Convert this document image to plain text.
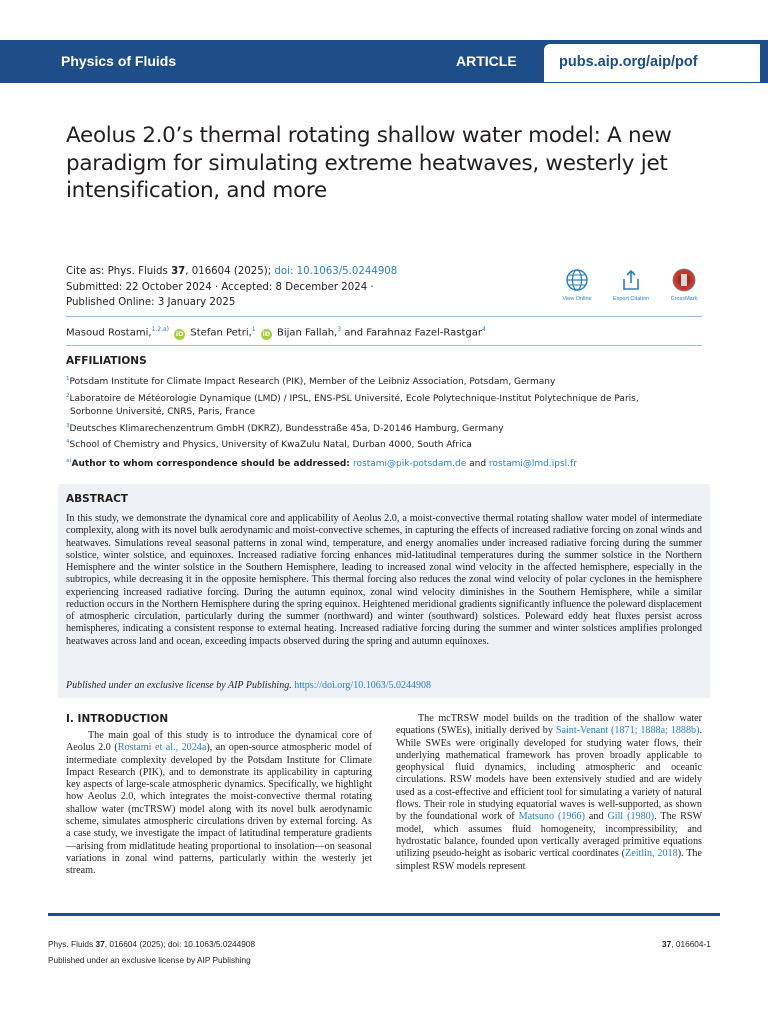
Physics of Fluids	ARTICLE	pubs.aip.org/aip/pof
Aeolus 2.0’s thermal rotating shallow water model: A new paradigm for simulating extreme heatwaves, westerly jet intensification, and more
Cite as: Phys. Fluids 37, 016604 (2025); doi: 10.1063/5.0244908
Submitted: 22 October 2024 · Accepted: 8 December 2024 ·
Published Online: 3 January 2025	View Online	Export Citation	CrossMark
Masoud Rostami,$^{1,2,a)}$ iD Stefan Petri,$^1$ iD Bijan Fallah,$^3$ and Farahnaz Fazel-Rastgar$^4$
AFFILIATIONS
$^1$Potsdam Institute for Climate Impact Research (PIK), Member of the Leibniz Association, Potsdam, Germany
$^2$Laboratoire de Météorologie Dynamique (LMD) / IPSL, ENS-PSL Université, Ecole Polytechnique-Institut Polytechnique de Paris,
Sorbonne Université, CNRS, Paris, France
$^3$Deutsches Klimarechenzentrum GmbH (DKRZ), Bundesstraße 45a, D-20146 Hamburg, Germany
$^4$School of Chemistry and Physics, University of KwaZulu Natal, Durban 4000, South Africa
$^{a)}$Author to whom correspondence should be addressed: rostami@pik-potsdam.de and rostami@lmd.ipsl.fr
ABSTRACT
In this study, we demonstrate the dynamical core and applicability of Aeolus 2.0, a moist-convective thermal rotating shallow water model of intermediate complexity, along with its novel bulk aerodynamic and moist-convective schemes, in capturing the effects of increased radiative forcing on zonal winds and heatwaves. Simulations reveal seasonal patterns in zonal wind, temperature, and energy anomalies under increased radiative forcing during the summer solstice, winter solstice, and equinoxes. Increased radiative forcing enhances mid-latitudinal temperatures during the summer solstice in the Northern Hemisphere and the winter solstice in the Southern Hemisphere, leading to increased zonal wind velocity in the affected hemisphere, especially in the subtropics, while decreasing it in the opposite hemisphere. This thermal forcing also reduces the zonal wind velocity of polar cyclones in the hemisphere experiencing increased radiative forcing. During the autumn equinox, zonal wind velocity diminishes in the Southern Hemisphere, while a similar reduction occurs in the Northern Hemisphere during the spring equinox. Heightened meridional gradients significantly influence the poleward displacement of atmospheric circulation, particularly during the summer (northward) and winter (southward) solstices. Poleward eddy heat fluxes persist across hemispheres, indicating a consistent response to external heating. Increased radiative forcing during the summer and winter solstices amplifies prolonged heatwaves across land and ocean, exceeding impacts observed during the spring and autumn equinoxes.
Published under an exclusive license by AIP Publishing. https://doi.org/10.1063/5.0244908
I. INTRODUCTION
The main goal of this study is to introduce the dynamical core of Aeolus 2.0 (Rostami et al., 2024a), an open-source atmospheric model of intermediate complexity developed by the Potsdam Institute for Climate Impact Research (PIK), and to demonstrate its applicability in capturing key aspects of large-scale atmospheric dynamics. Specifically, we highlight how Aeolus 2.0, which integrates the moist-convective thermal rotating shallow water (mcTRSW) model along with its novel bulk aerodynamic scheme, simulates atmospheric circulations driven by external forcing. As a case study, we investigate the impact of latitudinal temperature gradients—arising from midlatitude heating proportional to insolation—on seasonal variations in zonal wind patterns, particularly within the westerly jet stream.
The mcTRSW model builds on the tradition of the shallow water equations (SWEs), initially derived by Saint-Venant (1871; 1888a; 1888b). While SWEs were originally developed for studying water flows, their underlying mathematical framework has proven broadly applicable to geophysical fluid dynamics, including atmospheric and oceanic circulations. RSW models have been extensively studied and are widely used as a cost-effective and efficient tool for simulating a variety of natural flows. Their role in studying equatorial waves is well-supported, as shown by the foundational work of Matsuno (1966) and Gill (1980). The RSW model, which assumes fluid homogeneity, incompressibility, and hydrostatic balance, founded upon vertically averaged primitive equations utilizing pseudo-height as isobaric vertical coordinates (Zeitlin, 2018). The simplest RSW models represent
Phys. Fluids 37, 016604 (2025); doi: 10.1063/5.0244908
Published under an exclusive license by AIP Publishing
37, 016604-1
